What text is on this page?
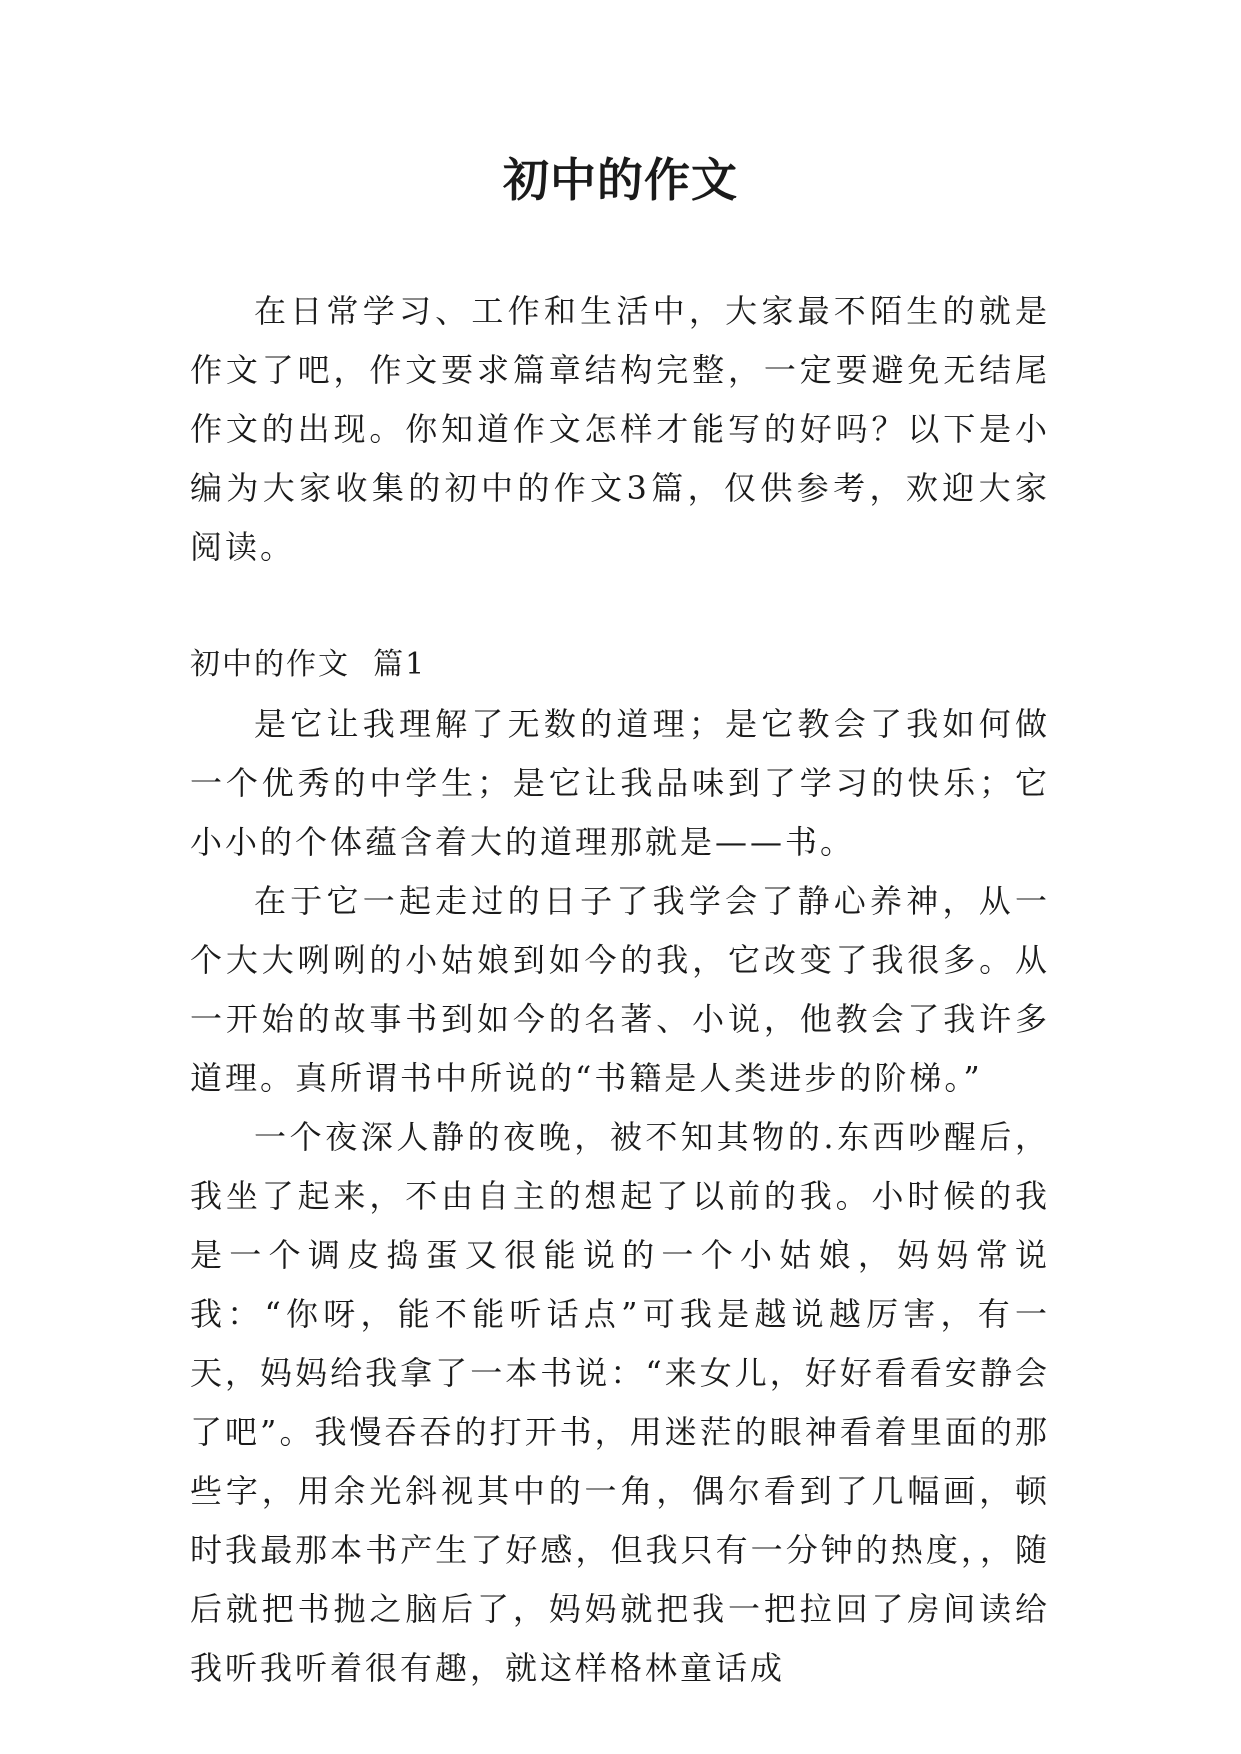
初中的作文

在日常学习、工作和生活中，大家最不陌生的就是作文了吧，作文要求篇章结构完整，一定要避免无结尾作文的出现。你知道作文怎样才能写的好吗？以下是小编为大家收集的初中的作文3篇，仅供参考，欢迎大家阅读。

初中的作文  篇1

是它让我理解了无数的道理；是它教会了我如何做一个优秀的中学生；是它让我品味到了学习的快乐；它小小的个体蕴含着大的道理那就是——书。

在于它一起走过的日子了我学会了静心养神，从一个大大咧咧的小姑娘到如今的我，它改变了我很多。从一开始的故事书到如今的名著、小说，他教会了我许多道理。真所谓书中所说的“书籍是人类进步的阶梯。”

一个夜深人静的夜晚，被不知其物的.东西吵醒后，我坐了起来，不由自主的想起了以前的我。小时候的我是一个调皮捣蛋又很能说的一个小姑娘，妈妈常说我：“你呀，能不能听话点”可我是越说越厉害，有一天，妈妈给我拿了一本书说：“来女儿，好好看看安静会了吧”。我慢吞吞的打开书，用迷茫的眼神看着里面的那些字，用余光斜视其中的一角，偶尔看到了几幅画，顿时我最那本书产生了好感，但我只有一分钟的热度，，随后就把书抛之脑后了，妈妈就把我一把拉回了房间读给我听我听着很有趣，就这样格林童话成
